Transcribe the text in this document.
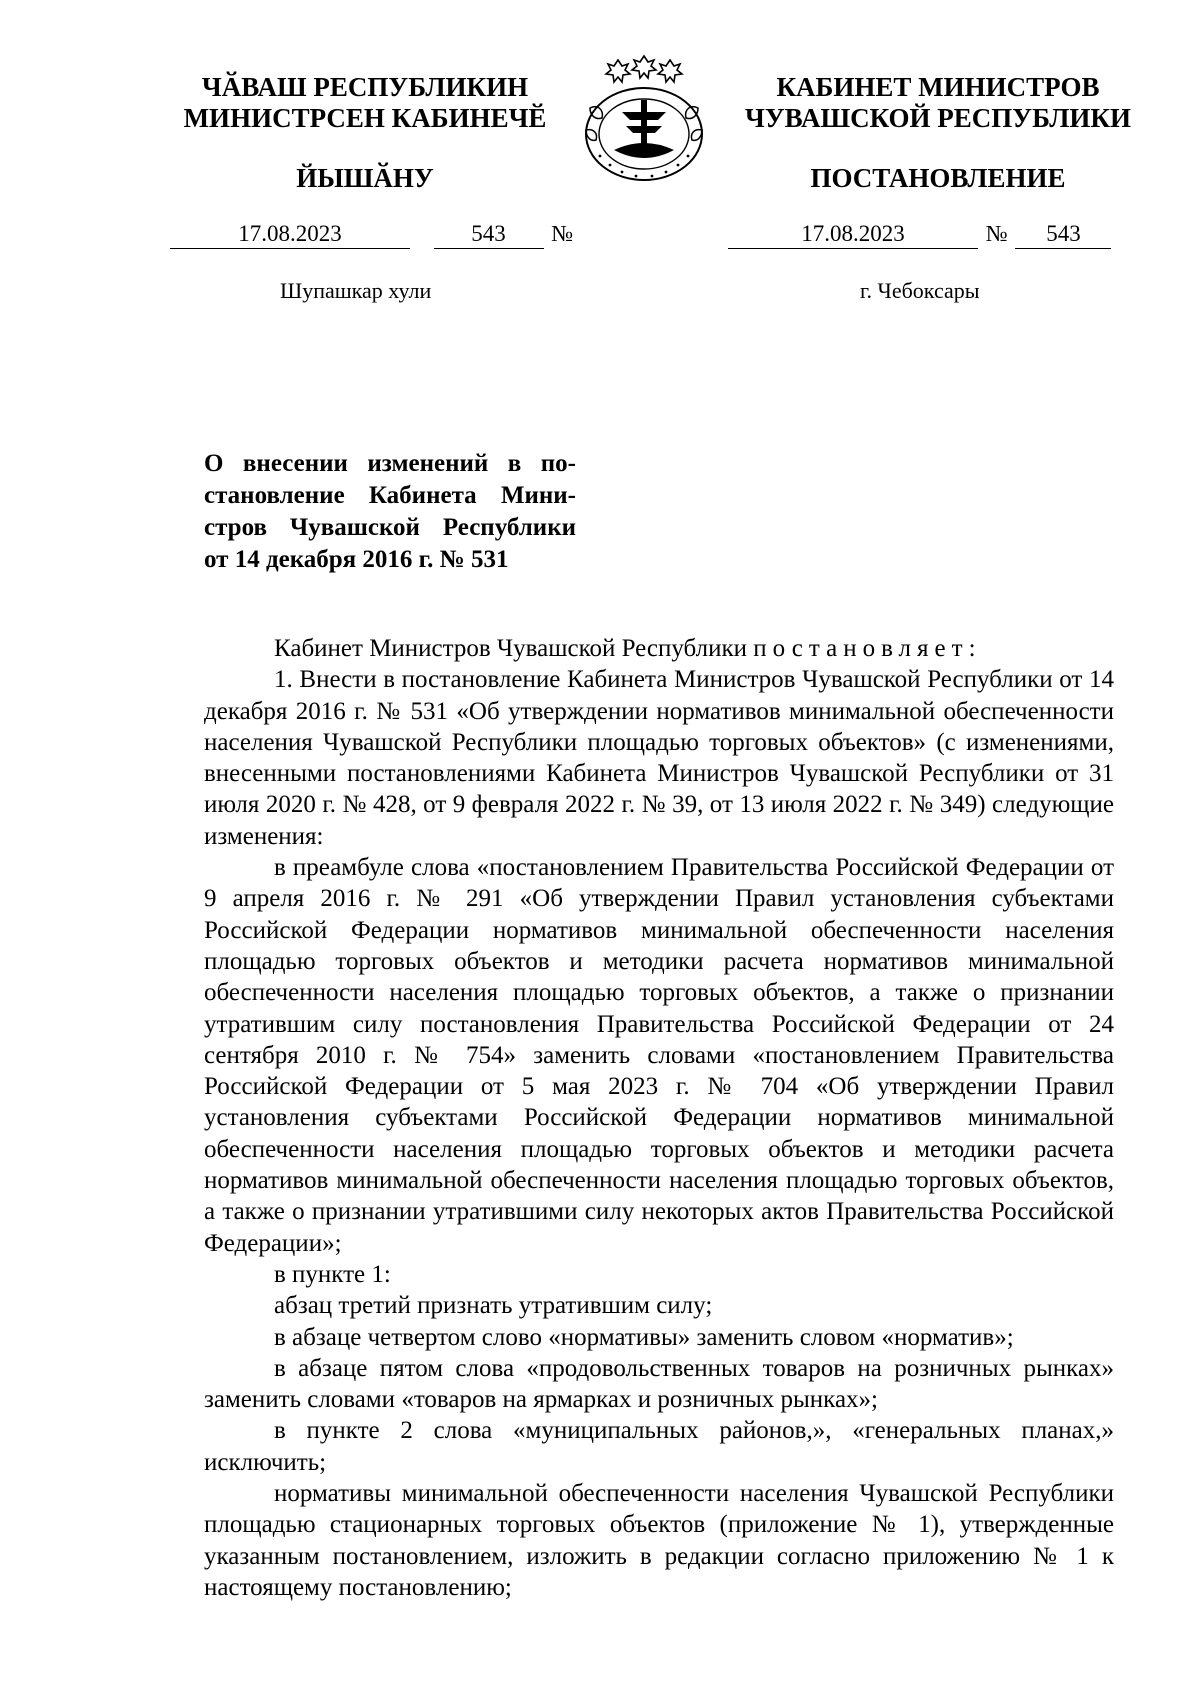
ЧӐВАШ РЕСПУБЛИКИН
МИНИСТРСЕН КАБИНЕЧӖ
ЙЫШӐНУ
КАБИНЕТ МИНИСТРОВ
ЧУВАШСКОЙ РЕСПУБЛИКИ
ПОСТАНОВЛЕНИЕ
17.08.2023	543 №	17.08.2023	№ 543
Шупашкар хули	г. Чебоксары
О внесении изменений в по-
становление Кабинета Мини-
стров Чувашской Республики
от 14 декабря 2016 г. № 531

Кабинет Министров Чувашской Республики постановляет:

1. Внести в постановление Кабинета Министров Чувашской Республики от 14 декабря 2016 г. № 531 «Об утверждении нормативов минимальной обеспеченности населения Чувашской Республики площадью торговых объектов» (с изменениями, внесенными постановлениями Кабинета Министров Чувашской Республики от 31 июля 2020 г. № 428, от 9 февраля 2022 г. № 39, от 13 июля 2022 г. № 349) следующие изменения:

в преамбуле слова «постановлением Правительства Российской Федерации от 9 апреля 2016 г. № 291 «Об утверждении Правил установления субъектами Российской Федерации нормативов минимальной обеспеченности населения площадью торговых объектов и методики расчета нормативов минимальной обеспеченности населения площадью торговых объектов, а также о признании утратившим силу постановления Правительства Российской Федерации от 24 сентября 2010 г. № 754» заменить словами «постановлением Правительства Российской Федерации от 5 мая 2023 г. № 704 «Об утверждении Правил установления субъектами Российской Федерации нормативов минимальной обеспеченности населения площадью торговых объектов и методики расчета нормативов минимальной обеспеченности населения площадью торговых объектов, а также о признании утратившими силу некоторых актов Правительства Российской Федерации»;

в пункте 1:

абзац третий признать утратившим силу;

в абзаце четвертом слово «нормативы» заменить словом «норматив»;

в абзаце пятом слова «продовольственных товаров на розничных рынках» заменить словами «товаров на ярмарках и розничных рынках»;

в пункте 2 слова «муниципальных районов,», «генеральных планах,» исключить;

нормативы минимальной обеспеченности населения Чувашской Республики площадью стационарных торговых объектов (приложение № 1), утвержденные указанным постановлением, изложить в редакции согласно приложению № 1 к настоящему постановлению;
